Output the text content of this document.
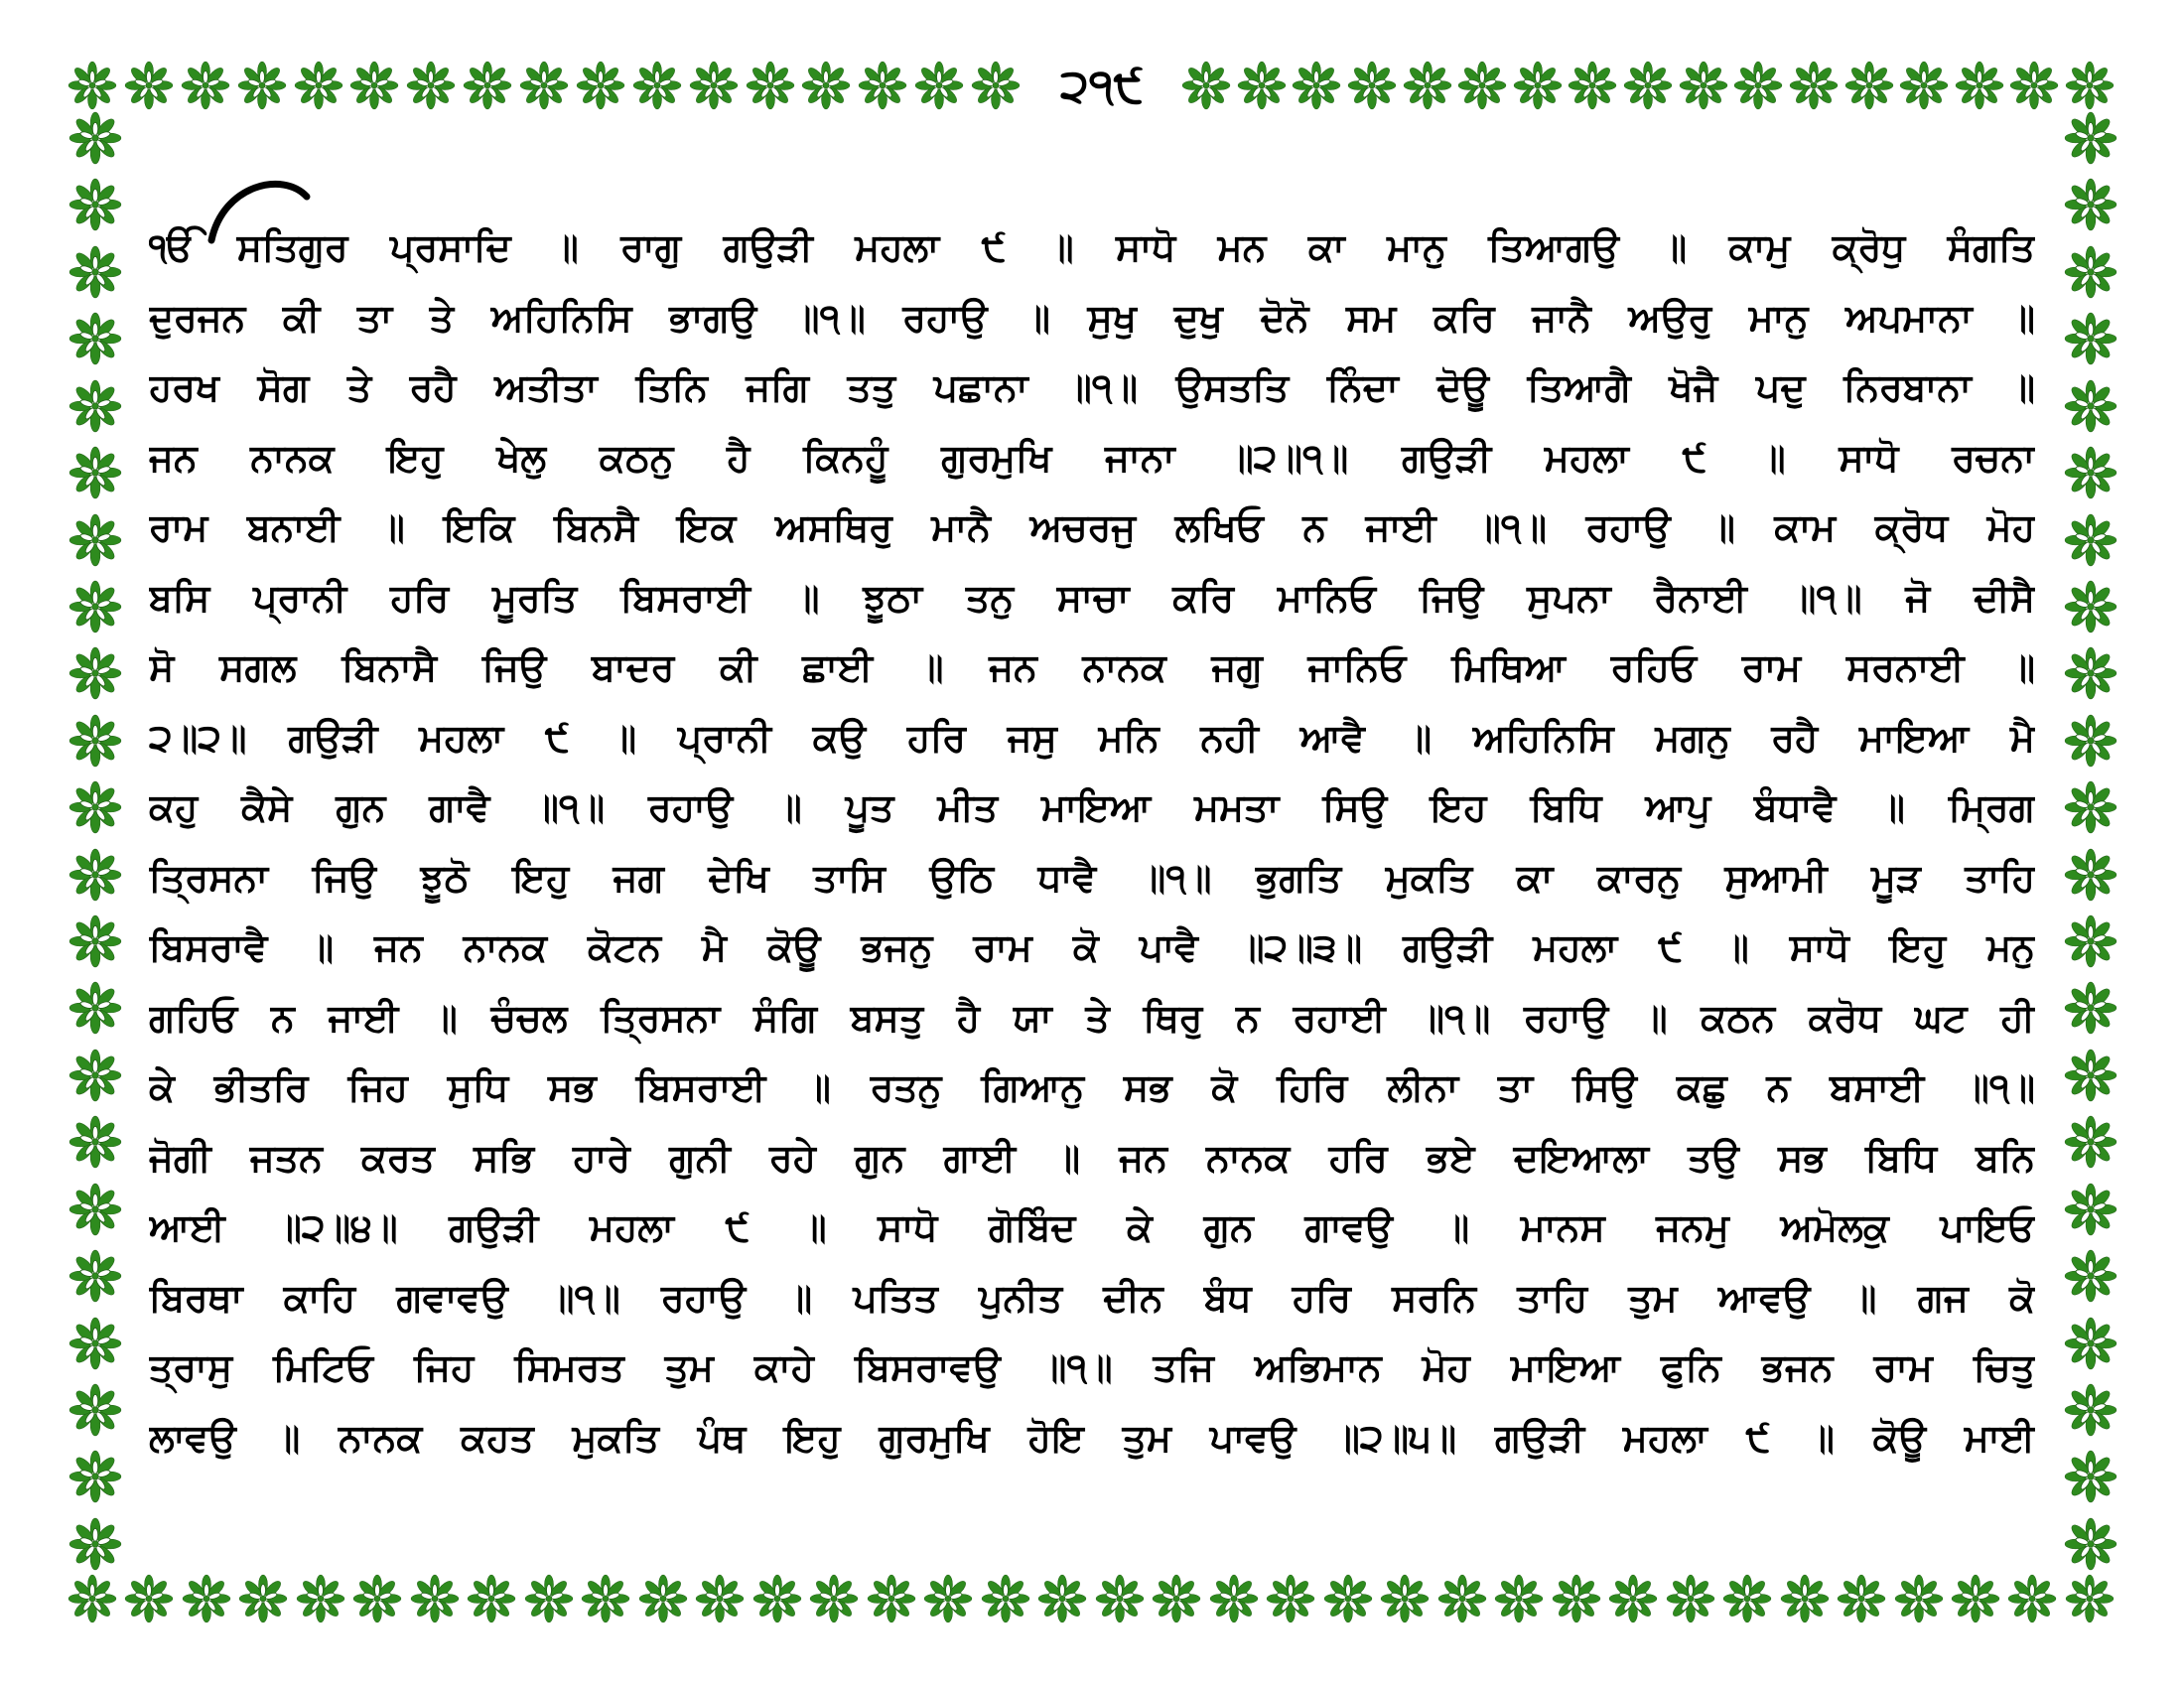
੨੧੯
ੴ ਸਤਿਗੁਰ ਪ੍ਰਸਾਦਿ ॥ ਰਾਗੁ ਗਉੜੀ ਮਹਲਾ ੯ ॥ ਸਾਧੋ ਮਨ ਕਾ ਮਾਨੁ ਤਿਆਗਉ ॥ ਕਾਮੁ ਕ੍ਰੋਧੁ ਸੰਗਤਿ
ਦੁਰਜਨ ਕੀ ਤਾ ਤੇ ਅਹਿਨਿਸਿ ਭਾਗਉ ॥੧॥ ਰਹਾਉ ॥ ਸੁਖੁ ਦੁਖੁ ਦੋਨੋ ਸਮ ਕਰਿ ਜਾਨੈ ਅਉਰੁ ਮਾਨੁ ਅਪਮਾਨਾ ॥
ਹਰਖ ਸੋਗ ਤੇ ਰਹੈ ਅਤੀਤਾ ਤਿਨਿ ਜਗਿ ਤਤੁ ਪਛਾਨਾ ॥੧॥ ਉਸਤਤਿ ਨਿੰਦਾ ਦੋਊ ਤਿਆਗੈ ਖੋਜੈ ਪਦੁ ਨਿਰਬਾਨਾ ॥
ਜਨ ਨਾਨਕ ਇਹੁ ਖੇਲੁ ਕਠਨੁ ਹੈ ਕਿਨਹੂੰ ਗੁਰਮੁਖਿ ਜਾਨਾ ॥੨॥੧॥ ਗਉੜੀ ਮਹਲਾ ੯ ॥ ਸਾਧੋ ਰਚਨਾ
ਰਾਮ ਬਨਾਈ ॥ ਇਕਿ ਬਿਨਸੈ ਇਕ ਅਸਥਿਰੁ ਮਾਨੈ ਅਚਰਜੁ ਲਖਿਓ ਨ ਜਾਈ ॥੧॥ ਰਹਾਉ ॥ ਕਾਮ ਕ੍ਰੋਧ ਮੋਹ
ਬਸਿ ਪ੍ਰਾਨੀ ਹਰਿ ਮੂਰਤਿ ਬਿਸਰਾਈ ॥ ਝੂਠਾ ਤਨੁ ਸਾਚਾ ਕਰਿ ਮਾਨਿਓ ਜਿਉ ਸੁਪਨਾ ਰੈਨਾਈ ॥੧॥ ਜੋ ਦੀਸੈ
ਸੋ ਸਗਲ ਬਿਨਾਸੈ ਜਿਉ ਬਾਦਰ ਕੀ ਛਾਈ ॥ ਜਨ ਨਾਨਕ ਜਗੁ ਜਾਨਿਓ ਮਿਥਿਆ ਰਹਿਓ ਰਾਮ ਸਰਨਾਈ ॥
੨॥੨॥ ਗਉੜੀ ਮਹਲਾ ੯ ॥ ਪ੍ਰਾਨੀ ਕਉ ਹਰਿ ਜਸੁ ਮਨਿ ਨਹੀ ਆਵੈ ॥ ਅਹਿਨਿਸਿ ਮਗਨੁ ਰਹੈ ਮਾਇਆ ਮੈ
ਕਹੁ ਕੈਸੇ ਗੁਨ ਗਾਵੈ ॥੧॥ ਰਹਾਉ ॥ ਪੂਤ ਮੀਤ ਮਾਇਆ ਮਮਤਾ ਸਿਉ ਇਹ ਬਿਧਿ ਆਪੁ ਬੰਧਾਵੈ ॥ ਮ੍ਰਿਗ
ਤ੍ਰਿਸਨਾ ਜਿਉ ਝੂਠੋ ਇਹੁ ਜਗ ਦੇਖਿ ਤਾਸਿ ਉਠਿ ਧਾਵੈ ॥੧॥ ਭੁਗਤਿ ਮੁਕਤਿ ਕਾ ਕਾਰਨੁ ਸੁਆਮੀ ਮੂੜ ਤਾਹਿ
ਬਿਸਰਾਵੈ ॥ ਜਨ ਨਾਨਕ ਕੋਟਨ ਮੈ ਕੋਊ ਭਜਨੁ ਰਾਮ ਕੋ ਪਾਵੈ ॥੨॥੩॥ ਗਉੜੀ ਮਹਲਾ ੯ ॥ ਸਾਧੋ ਇਹੁ ਮਨੁ
ਗਹਿਓ ਨ ਜਾਈ ॥ ਚੰਚਲ ਤ੍ਰਿਸਨਾ ਸੰਗਿ ਬਸਤੁ ਹੈ ਯਾ ਤੇ ਥਿਰੁ ਨ ਰਹਾਈ ॥੧॥ ਰਹਾਉ ॥ ਕਠਨ ਕਰੋਧ ਘਟ ਹੀ
ਕੇ ਭੀਤਰਿ ਜਿਹ ਸੁਧਿ ਸਭ ਬਿਸਰਾਈ ॥ ਰਤਨੁ ਗਿਆਨੁ ਸਭ ਕੋ ਹਿਰਿ ਲੀਨਾ ਤਾ ਸਿਉ ਕਛੁ ਨ ਬਸਾਈ ॥੧॥
ਜੋਗੀ ਜਤਨ ਕਰਤ ਸਭਿ ਹਾਰੇ ਗੁਨੀ ਰਹੇ ਗੁਨ ਗਾਈ ॥ ਜਨ ਨਾਨਕ ਹਰਿ ਭਏ ਦਇਆਲਾ ਤਉ ਸਭ ਬਿਧਿ ਬਨਿ
ਆਈ ॥੨॥੪॥ ਗਉੜੀ ਮਹਲਾ ੯ ॥ ਸਾਧੋ ਗੋਬਿੰਦ ਕੇ ਗੁਨ ਗਾਵਉ ॥ ਮਾਨਸ ਜਨਮੁ ਅਮੋਲਕੁ ਪਾਇਓ
ਬਿਰਥਾ ਕਾਹਿ ਗਵਾਵਉ ॥੧॥ ਰਹਾਉ ॥ ਪਤਿਤ ਪੁਨੀਤ ਦੀਨ ਬੰਧ ਹਰਿ ਸਰਨਿ ਤਾਹਿ ਤੁਮ ਆਵਉ ॥ ਗਜ ਕੋ
ਤ੍ਰਾਸੁ ਮਿਟਿਓ ਜਿਹ ਸਿਮਰਤ ਤੁਮ ਕਾਹੇ ਬਿਸਰਾਵਉ ॥੧॥ ਤਜਿ ਅਭਿਮਾਨ ਮੋਹ ਮਾਇਆ ਫੁਨਿ ਭਜਨ ਰਾਮ ਚਿਤੁ
ਲਾਵਉ ॥ ਨਾਨਕ ਕਹਤ ਮੁਕਤਿ ਪੰਥ ਇਹੁ ਗੁਰਮੁਖਿ ਹੋਇ ਤੁਮ ਪਾਵਉ ॥੨॥੫॥ ਗਉੜੀ ਮਹਲਾ ੯ ॥ ਕੋਊ ਮਾਈ
